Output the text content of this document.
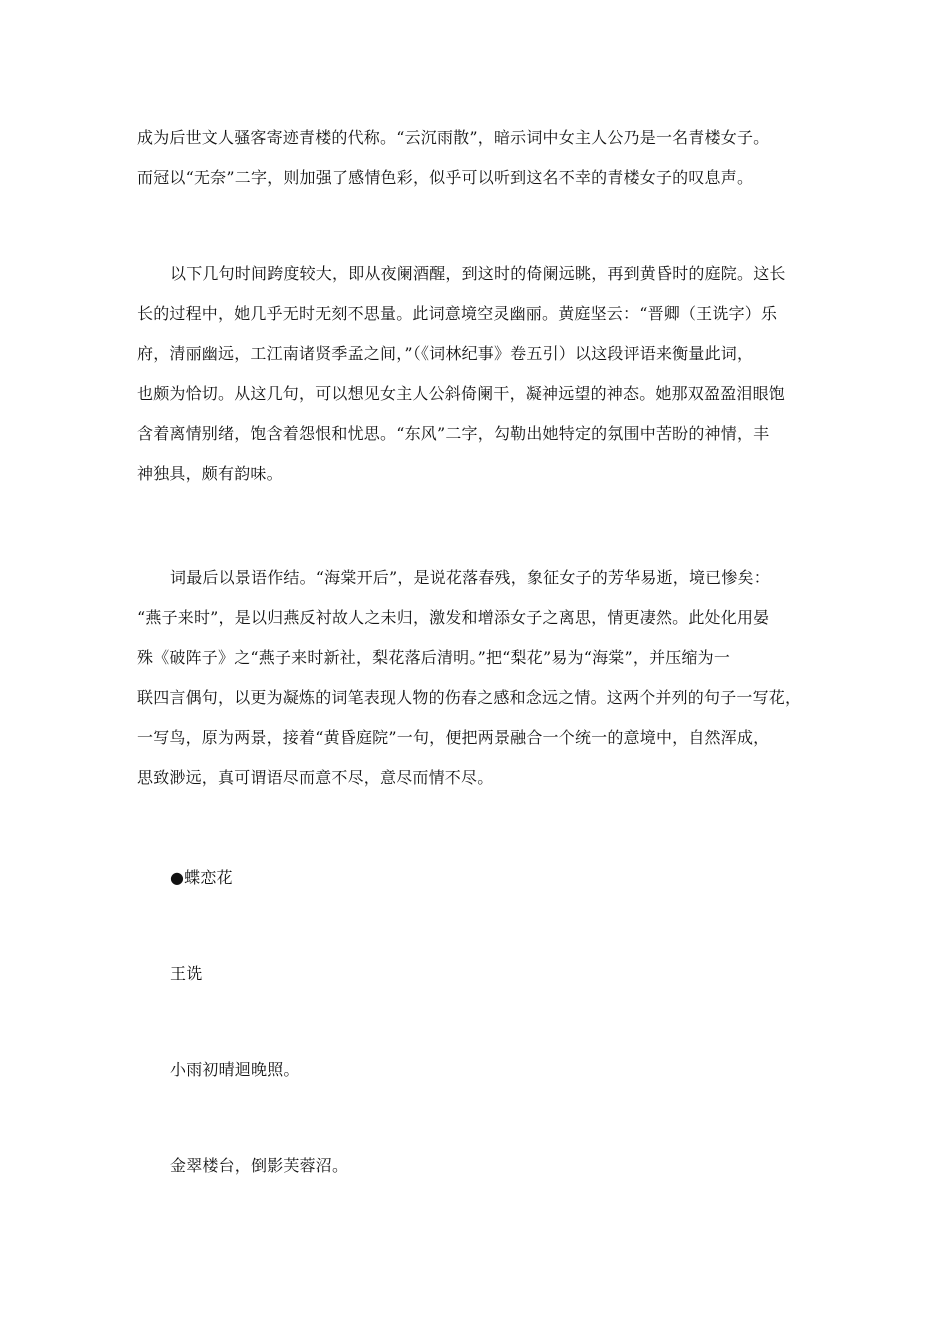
成为后世文人骚客寄迹青楼的代称。“云沉雨散”，暗示词中女主人公乃是一名青楼女子。
而冠以“无奈”二字，则加强了感情色彩，似乎可以听到这名不幸的青楼女子的叹息声。
以下几句时间跨度较大，即从夜阑酒醒，到这时的倚阑远眺，再到黄昏时的庭院。这长
长的过程中，她几乎无时无刻不思量。此词意境空灵幽丽。黄庭坚云：“晋卿（王诜字）乐
府，清丽幽远，工江南诸贤季孟之间，”（《词林纪事》卷五引）以这段评语来衡量此词，
也颇为恰切。从这几句，可以想见女主人公斜倚阑干，凝神远望的神态。她那双盈盈泪眼饱
含着离情别绪，饱含着怨恨和忧思。“东风”二字，勾勒出她特定的氛围中苦盼的神情，丰
神独具，颇有韵味。
词最后以景语作结。“海棠开后”，是说花落春残，象征女子的芳华易逝，境已惨矣：
“燕子来时”，是以归燕反衬故人之未归，激发和增添女子之离思，情更凄然。此处化用晏
殊《破阵子》之“燕子来时新社，梨花落后清明。”把“梨花”易为“海棠”，并压缩为一
联四言偶句，以更为凝炼的词笔表现人物的伤春之感和念远之情。这两个并列的句子一写花，
一写鸟，原为两景，接着“黄昏庭院”一句，便把两景融合一个统一的意境中，自然浑成，
思致渺远，真可谓语尽而意不尽，意尽而情不尽。
●蝶恋花
王诜
小雨初晴迴晚照。
金翠楼台，倒影芙蓉沼。
